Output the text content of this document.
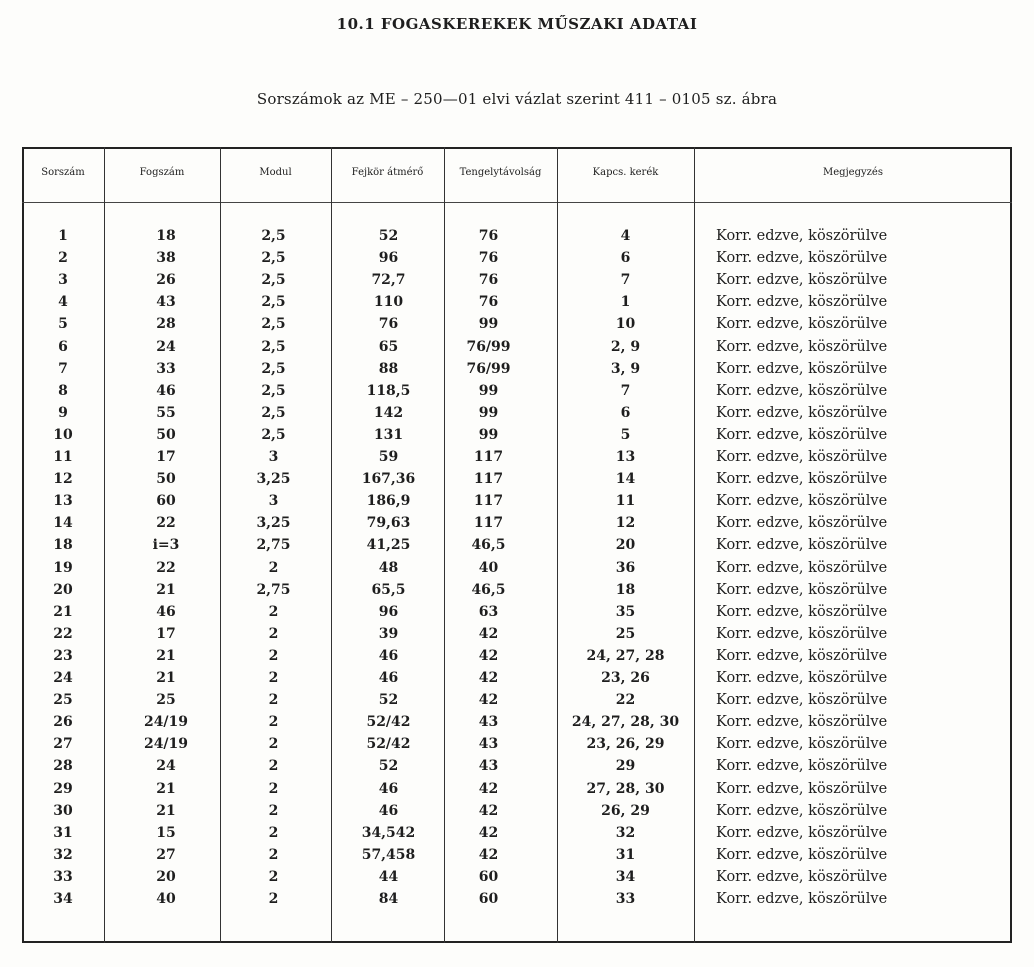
10.1 FOGASKEREKEK MŰSZAKI ADATAI
Sorszámok az ME – 250—01 elvi vázlat szerint 411 – 0105 sz. ábra
Sorszám	Fogszám	Modul	Fejkör átmérő	Tengelytávolság	Kapcs. kerék	Megjegyzés
1	18	2,5	52	76	4	Korr. edzve, köszörülve
2	38	2,5	96	76	6	Korr. edzve, köszörülve
3	26	2,5	72,7	76	7	Korr. edzve, köszörülve
4	43	2,5	110	76	1	Korr. edzve, köszörülve
5	28	2,5	76	99	10	Korr. edzve, köszörülve
6	24	2,5	65	76/99	2, 9	Korr. edzve, köszörülve
7	33	2,5	88	76/99	3, 9	Korr. edzve, köszörülve
8	46	2,5	118,5	99	7	Korr. edzve, köszörülve
9	55	2,5	142	99	6	Korr. edzve, köszörülve
10	50	2,5	131	99	5	Korr. edzve, köszörülve
11	17	3	59	117	13	Korr. edzve, köszörülve
12	50	3,25	167,36	117	14	Korr. edzve, köszörülve
13	60	3	186,9	117	11	Korr. edzve, köszörülve
14	22	3,25	79,63	117	12	Korr. edzve, köszörülve
18	i=3	2,75	41,25	46,5	20	Korr. edzve, köszörülve
19	22	2	48	40	36	Korr. edzve, köszörülve
20	21	2,75	65,5	46,5	18	Korr. edzve, köszörülve
21	46	2	96	63	35	Korr. edzve, köszörülve
22	17	2	39	42	25	Korr. edzve, köszörülve
23	21	2	46	42	24, 27, 28	Korr. edzve, köszörülve
24	21	2	46	42	23, 26	Korr. edzve, köszörülve
25	25	2	52	42	22	Korr. edzve, köszörülve
26	24/19	2	52/42	43	24, 27, 28, 30	Korr. edzve, köszörülve
27	24/19	2	52/42	43	23, 26, 29	Korr. edzve, köszörülve
28	24	2	52	43	29	Korr. edzve, köszörülve
29	21	2	46	42	27, 28, 30	Korr. edzve, köszörülve
30	21	2	46	42	26, 29	Korr. edzve, köszörülve
31	15	2	34,542	42	32	Korr. edzve, köszörülve
32	27	2	57,458	42	31	Korr. edzve, köszörülve
33	20	2	44	60	34	Korr. edzve, köszörülve
34	40	2	84	60	33	Korr. edzve, köszörülve
